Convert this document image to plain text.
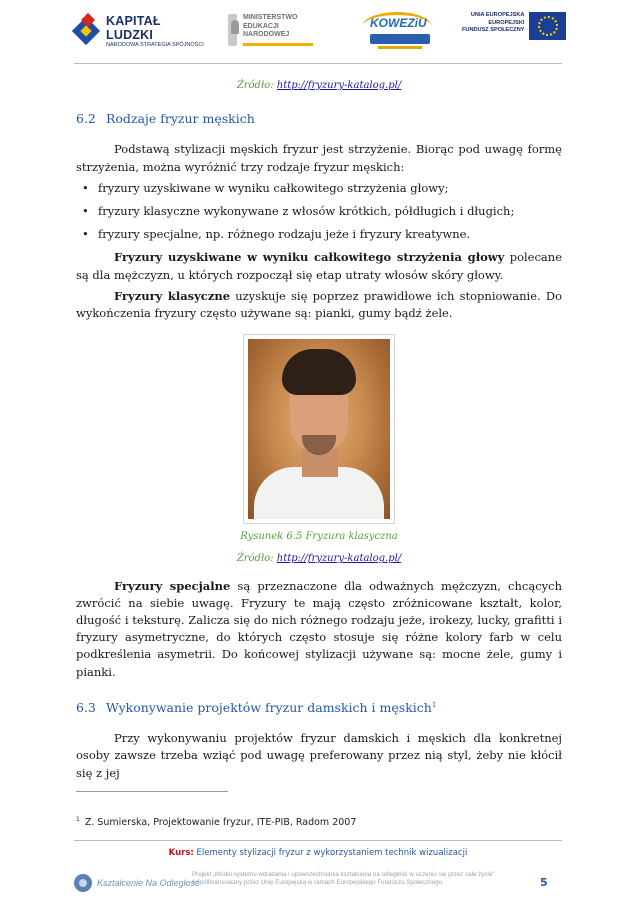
KAPITAŁ LUDZKI
NARODOWA STRATEGIA SPÓJNOŚCI
MINISTERSTWO
EDUKACJI
NARODOWEJ
KOWEZiU
UNIA EUROPEJSKA
EUROPEJSKI
FUNDUSZ SPOŁECZNY
Źródło: http://fryzury-katalog.pl/
6.2 Rodzaje fryzur męskich

Podstawą stylizacji męskich fryzur jest strzyżenie. Biorąc pod uwagę formę strzyżenia, można wyróżnić trzy rodzaje fryzur męskich:

• fryzury uzyskiwane w wyniku całkowitego strzyżenia głowy;
• fryzury klasyczne wykonywane z włosów krótkich, półdługich i długich;
• fryzury specjalne, np. różnego rodzaju jeże i fryzury kreatywne.

Fryzury uzyskiwane w wyniku całkowitego strzyżenia głowy polecane są dla mężczyzn, u których rozpoczął się etap utraty włosów skóry głowy.

Fryzury klasyczne uzyskuje się poprzez prawidłowe ich stopniowanie. Do wykończenia fryzury często używane są: pianki, gumy bądź żele.

Rysunek 6.5 Fryzura klasyczna
Źródło: http://fryzury-katalog.pl/

Fryzury specjalne są przeznaczone dla odważnych mężczyzn, chcących zwrócić na siebie uwagę. Fryzury te mają często zróżnicowane kształt, kolor, długość i teksturę. Zalicza się do nich różnego rodzaju jeże, irokezy, lucky, grafitti i fryzury asymetryczne, do których często stosuje się różne kolory farb w celu podkreślenia asymetrii. Do końcowej stylizacji używane są: mocne żele, gumy i pianki.

6.3 Wykonywanie projektów fryzur damskich i męskich$^1$

Przy wykonywaniu projektów fryzur damskich i męskich dla konkretnej osoby zawsze trzeba wziąć pod uwagę preferowany przez nią styl, żeby nie kłócił się z jej

$^1$ Z. Sumierska, Projektowanie fryzur, ITE-PIB, Radom 2007
Kurs: Elementy stylizacji fryzur z wykorzystaniem technik wizualizacji
Kształcenie Na Odległość
Projekt „Model systemu wdrażania i upowszechniania kształcenia na odległość w uczeniu się przez całe życie" współfinansowany przez Unię Europejską w ramach Europejskiego Funduszu Społecznego.	5
